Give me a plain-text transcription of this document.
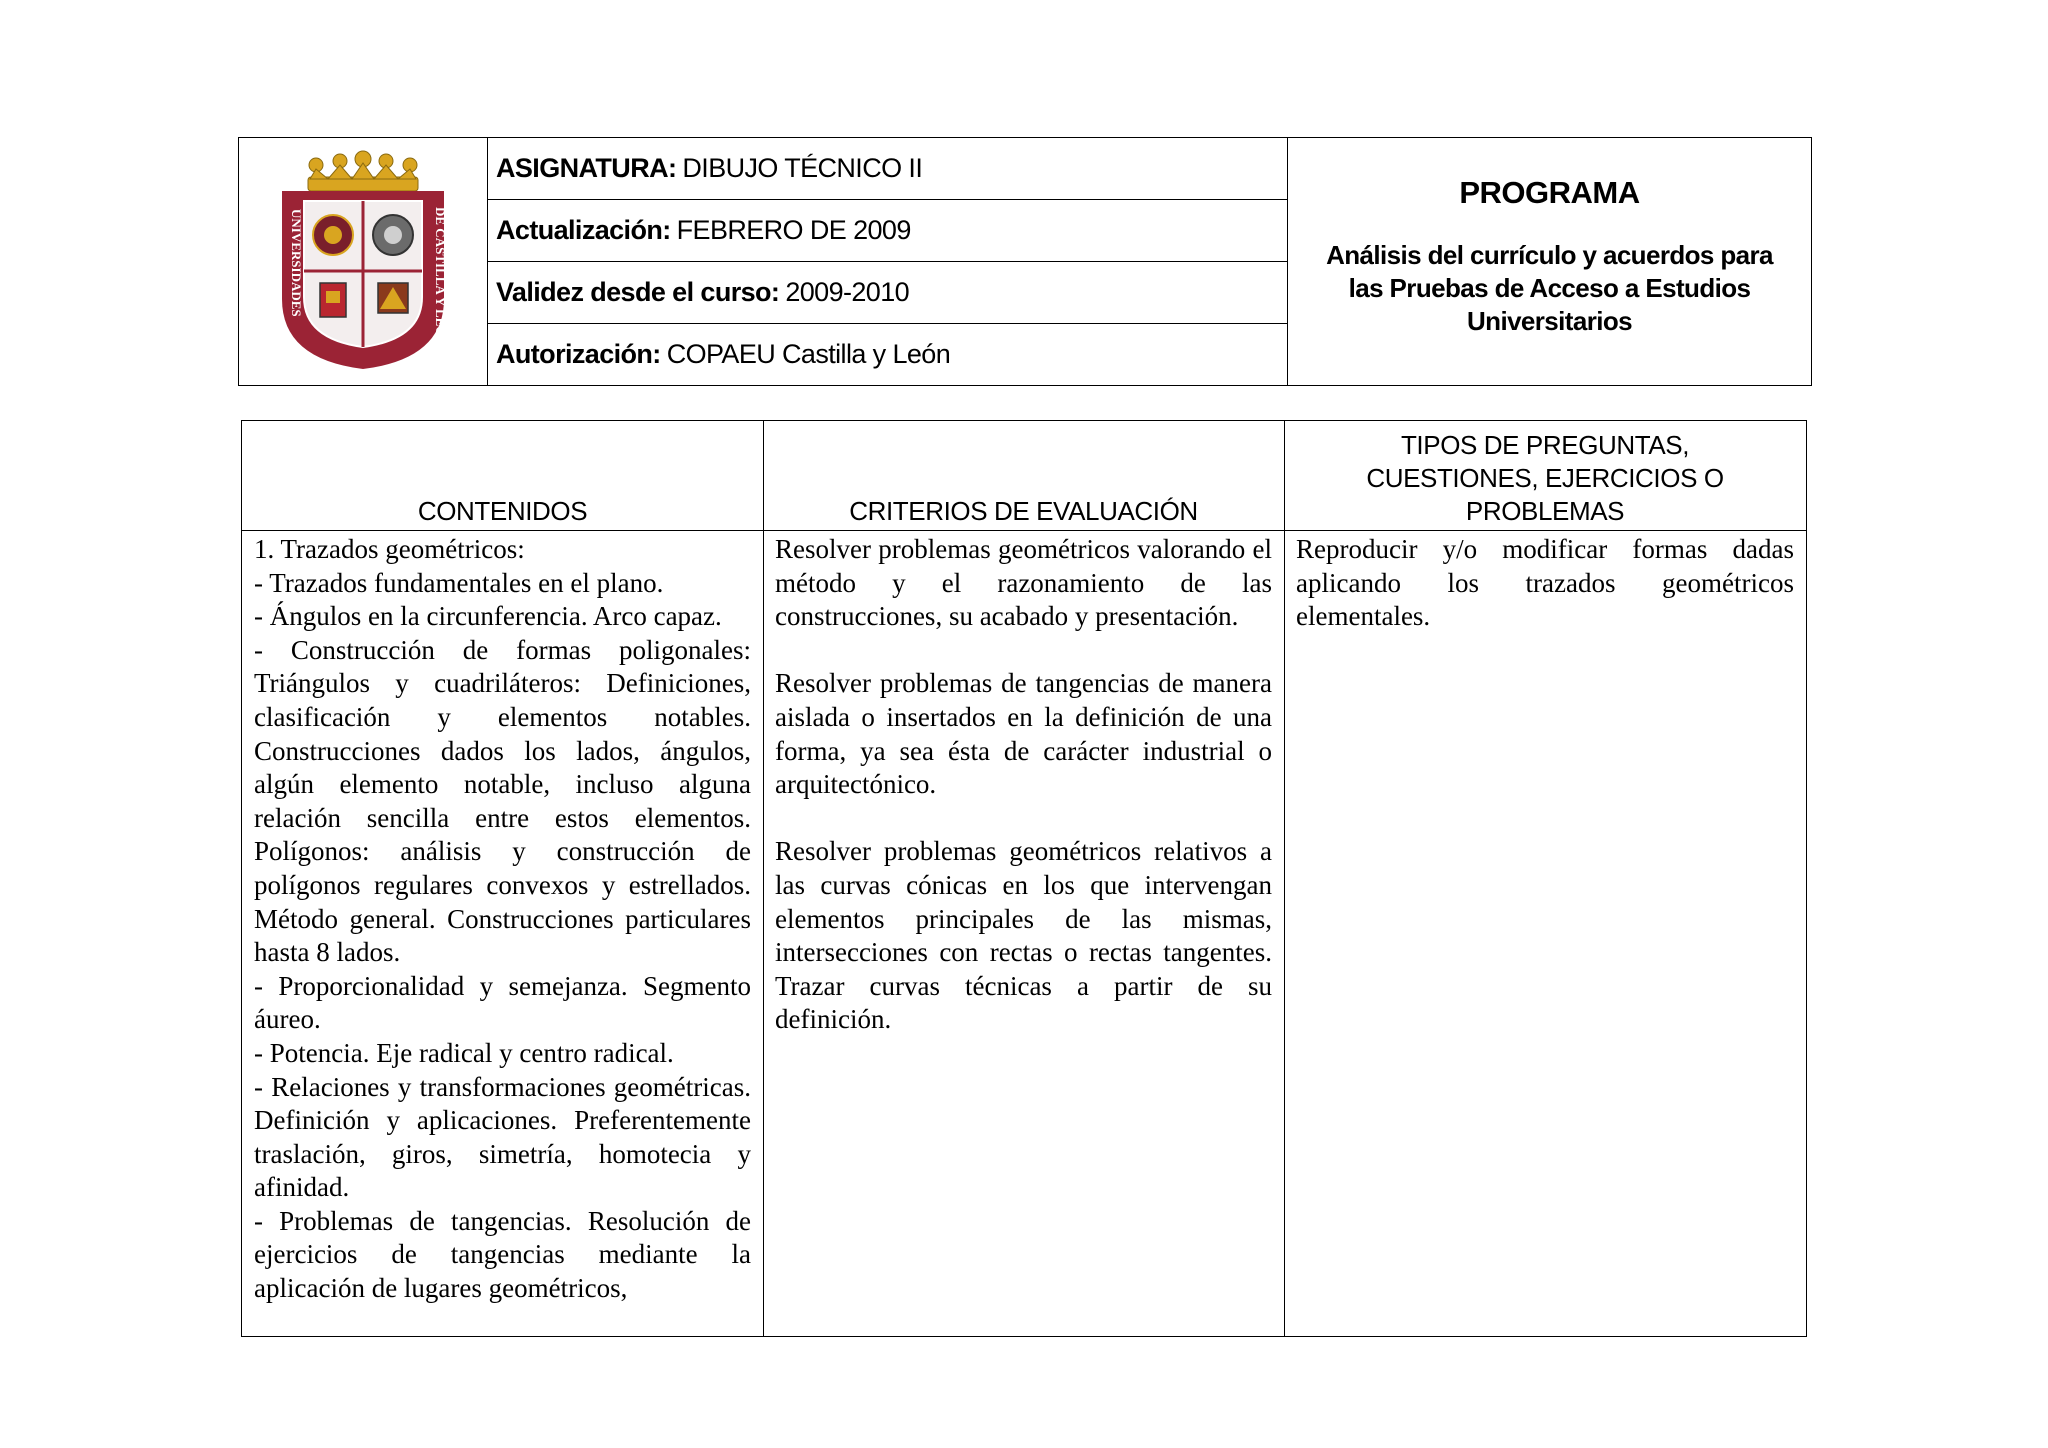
UNIVERSIDADES	DE CASTILLA Y LEÓN
ASIGNATURA: DIBUJO TÉCNICO II
Actualización: FEBRERO DE 2009
Validez desde el curso: 2009-2010
Autorización: COPAEU Castilla y León
PROGRAMA
Análisis del currículo y acuerdos para las Pruebas de Acceso a Estudios Universitarios
CONTENIDOS	CRITERIOS DE EVALUACIÓN
TIPOS DE PREGUNTAS, CUESTIONES, EJERCICIOS O PROBLEMAS

1. Trazados geométricos:

- Trazados fundamentales en el plano.

- Ángulos en la circunferencia. Arco capaz.

- Construcción de formas poligonales: Triángulos y cuadriláteros: Definiciones, clasificación y elementos notables. Construcciones dados los lados, ángulos, algún elemento notable, incluso alguna relación sencilla entre estos elementos. Polígonos: análisis y construcción de polígonos regulares convexos y estrellados. Método general. Construcciones particulares hasta 8 lados.

- Proporcionalidad y semejanza. Segmento áureo.

- Potencia. Eje radical y centro radical.

- Relaciones y transformaciones geométricas. Definición y aplicaciones. Preferentemente traslación, giros, simetría, homotecia y afinidad.

- Problemas de tangencias. Resolución de ejercicios de tangencias mediante la aplicación de lugares geométricos,

Resolver problemas geométricos valorando el método y el razonamiento de las construcciones, su acabado y presentación.

Resolver problemas de tangencias de manera aislada o insertados en la definición de una forma, ya sea ésta de carácter industrial o arquitectónico.

Resolver problemas geométricos relativos a las curvas cónicas en los que intervengan elementos principales de las mismas, intersecciones con rectas o rectas tangentes. Trazar curvas técnicas a partir de su definición.

Reproducir y/o modificar formas dadas aplicando los trazados geométricos elementales.
